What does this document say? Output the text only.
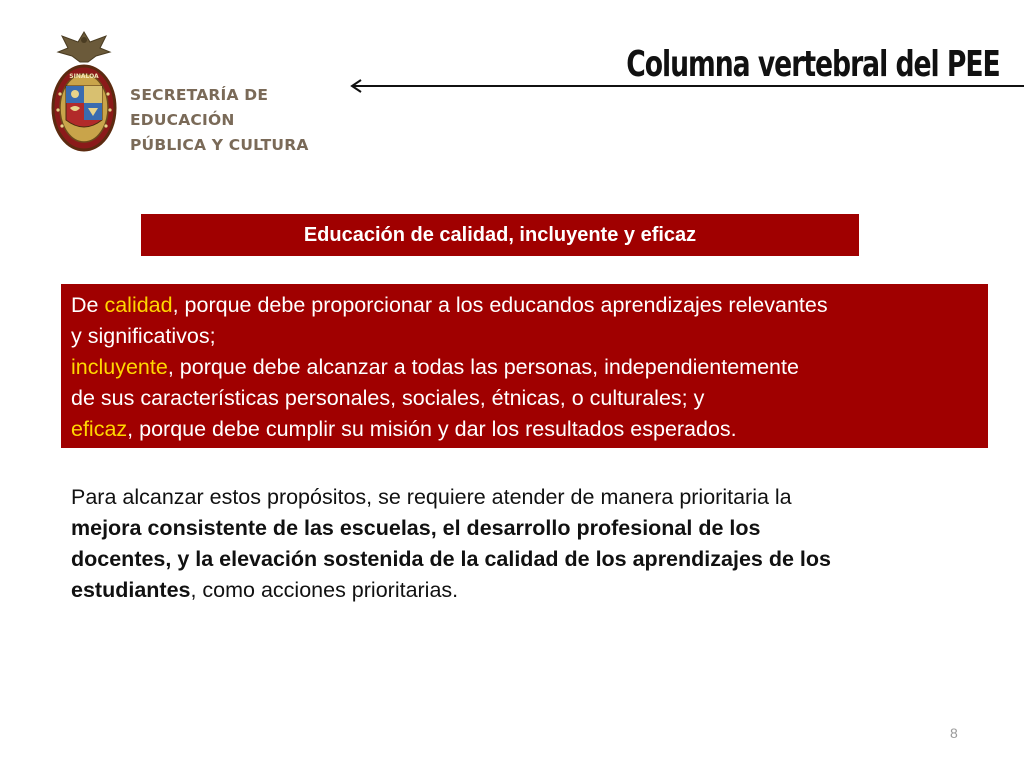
SINALOA
SECRETARÍA DE
EDUCACIÓN
PÚBLICA Y CULTURA
Columna vertebral del PEE
Educación de calidad, incluyente y eficaz
De calidad, porque debe proporcionar a los educandos aprendizajes relevantes
y significativos;
incluyente, porque debe alcanzar a todas las personas, independientemente
de sus características personales, sociales, étnicas, o culturales; y
eficaz, porque debe cumplir su misión y dar los resultados esperados.
Para alcanzar estos propósitos, se requiere atender de manera prioritaria la
mejora consistente de las escuelas, el desarrollo profesional de los
docentes, y la elevación sostenida de la calidad de los aprendizajes de los
estudiantes, como acciones prioritarias.
8
